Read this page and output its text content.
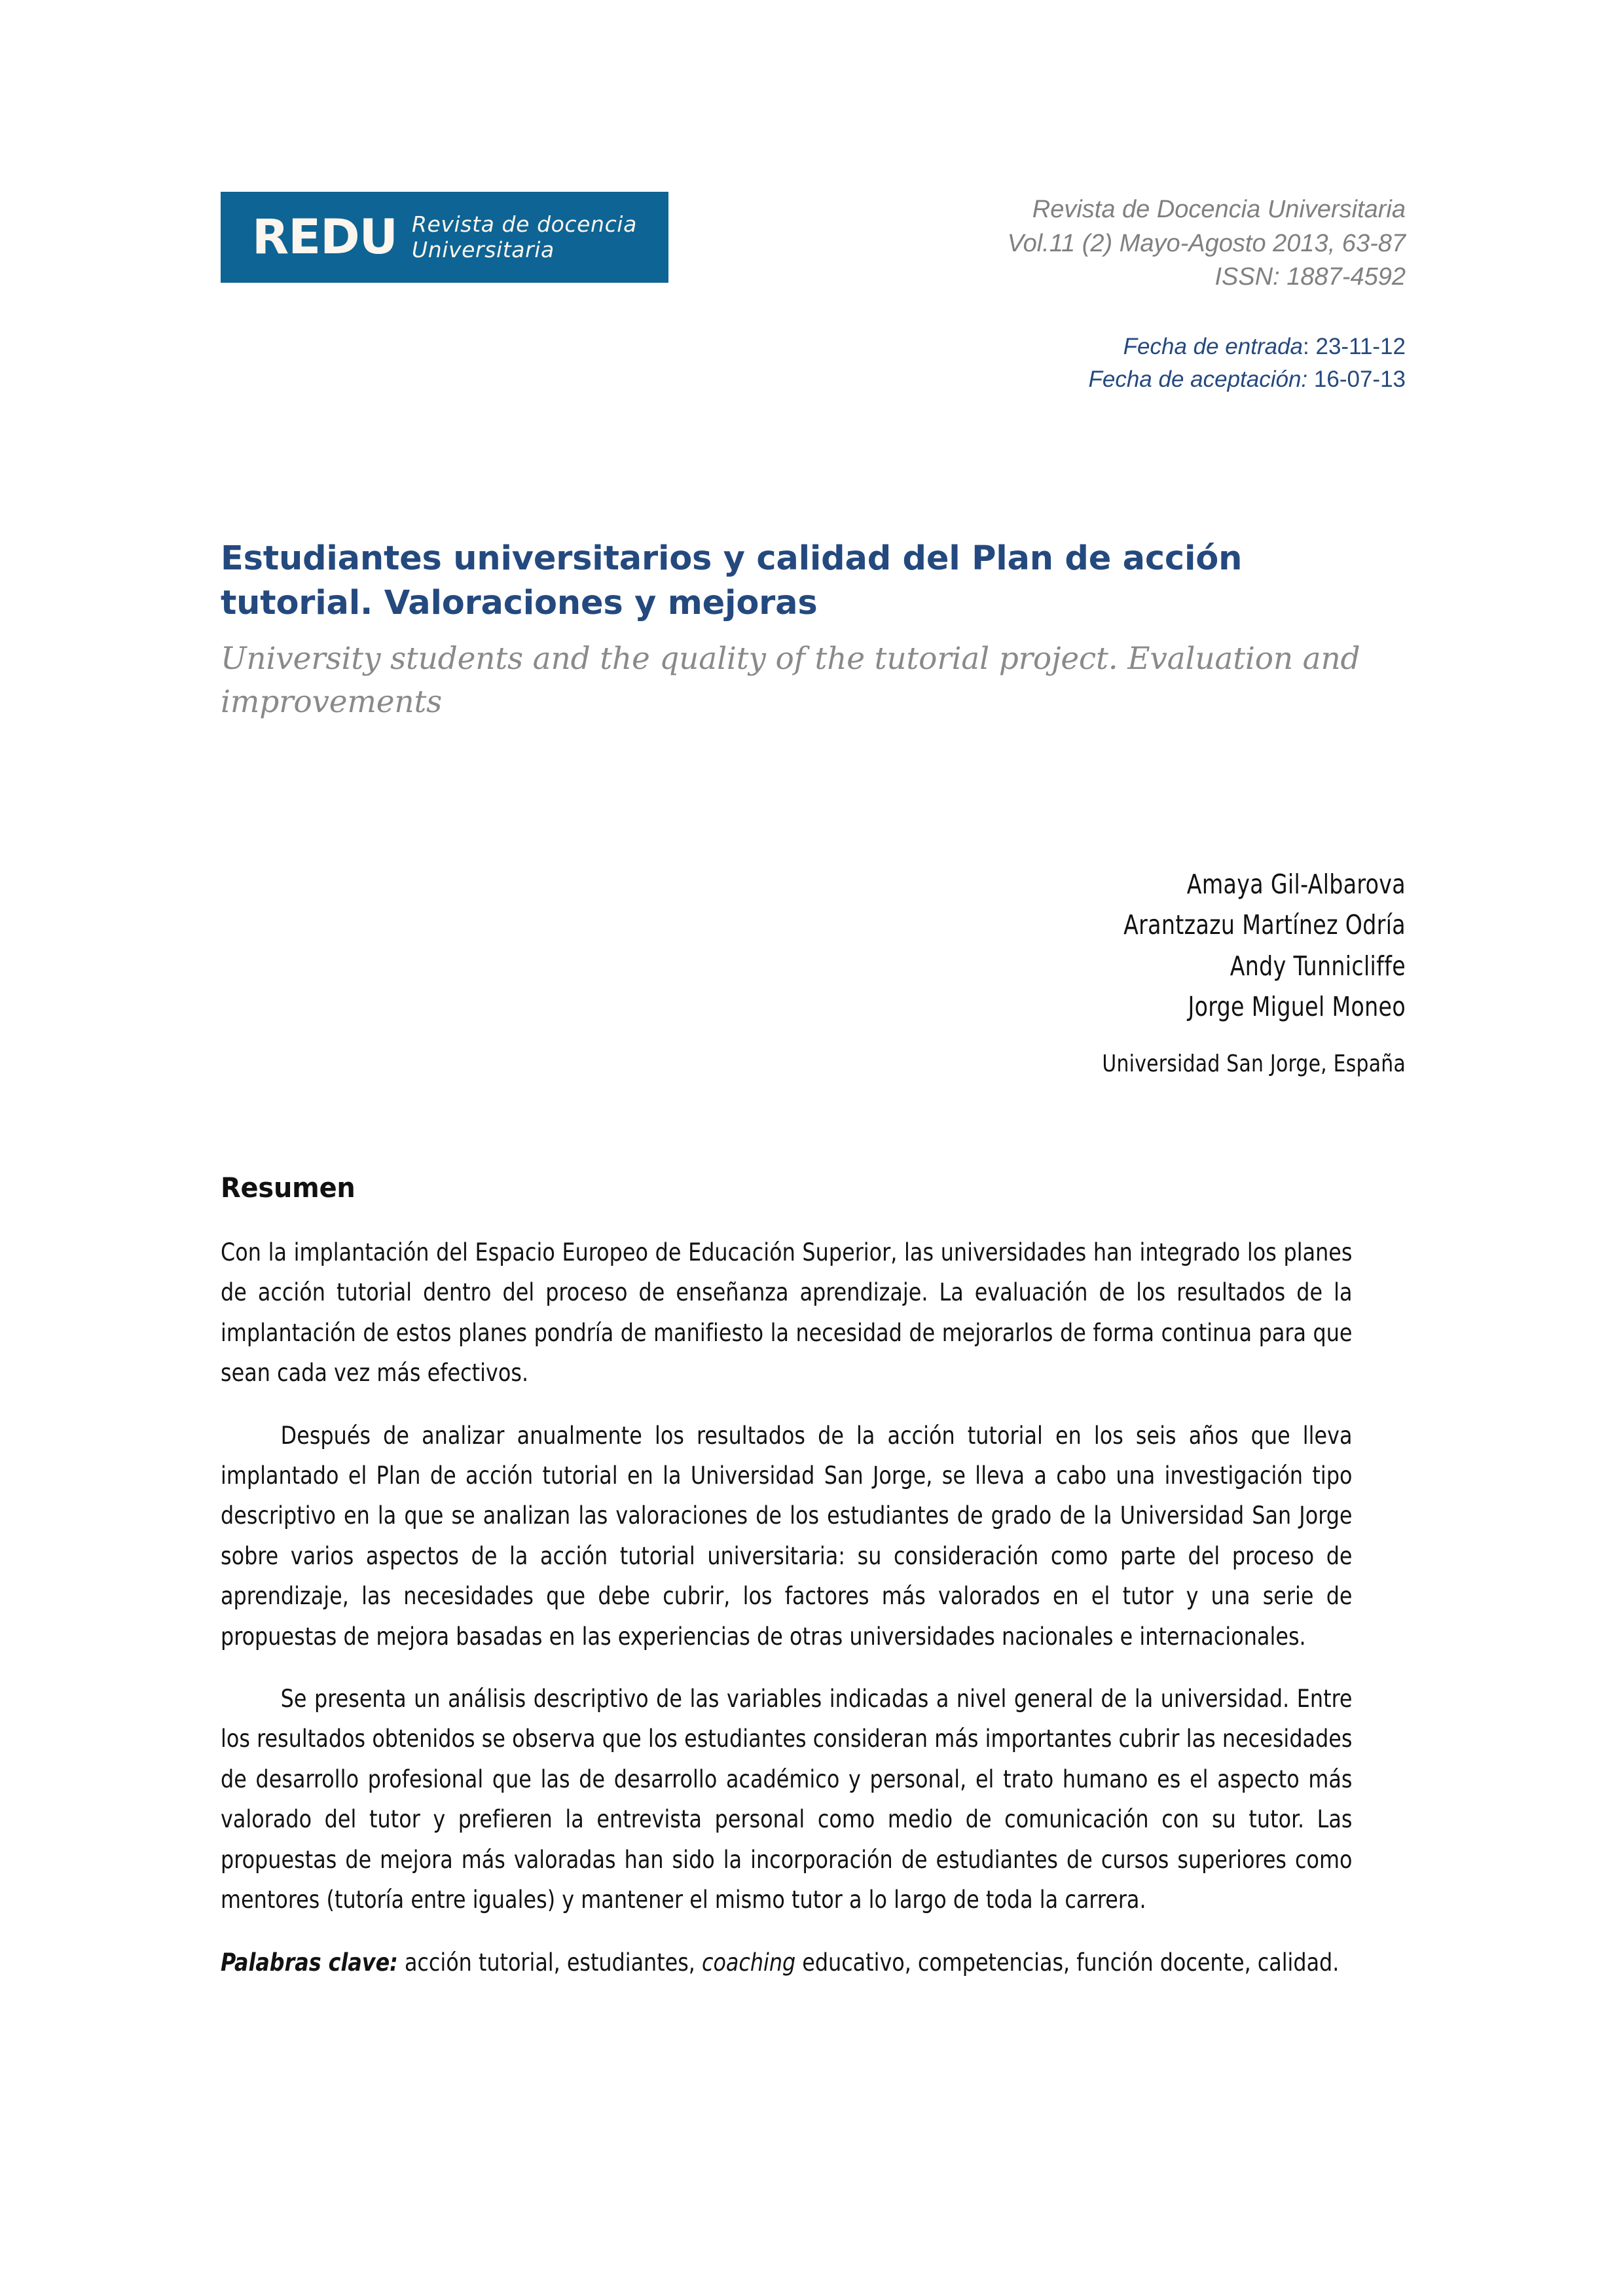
REDU Revista de docencia
Universitaria
Revista de Docencia Universitaria
Vol.11 (2) Mayo-Agosto 2013, 63-87
ISSN: 1887-4592
Fecha de entrada: 23-11-12
Fecha de aceptación: 16-07-13
Estudiantes universitarios y calidad del Plan de acción tutorial. Valoraciones y mejoras
University students and the quality of the tutorial project. Evaluation and improvements
Amaya Gil-Albarova
Arantzazu Martínez Odría
Andy Tunnicliffe
Jorge Miguel Moneo
Universidad San Jorge, España
Resumen

Con la implantación del Espacio Europeo de Educación Superior, las universidades han integrado los planes de acción tutorial dentro del proceso de enseñanza aprendizaje. La evaluación de los resultados de la implantación de estos planes pondría de manifiesto la necesidad de mejorarlos de forma continua para que sean cada vez más efectivos.

Después de analizar anualmente los resultados de la acción tutorial en los seis años que lleva implantado el Plan de acción tutorial en la Universidad San Jorge, se lleva a cabo una investigación tipo descriptivo en la que se analizan las valoraciones de los estudiantes de grado de la Universidad San Jorge sobre varios aspectos de la acción tutorial universitaria: su consideración como parte del proceso de aprendizaje, las necesidades que debe cubrir, los factores más valorados en el tutor y una serie de propuestas de mejora basadas en las experiencias de otras universidades nacionales e internacionales.

Se presenta un análisis descriptivo de las variables indicadas a nivel general de la universidad. Entre los resultados obtenidos se observa que los estudiantes consideran más importantes cubrir las necesidades de desarrollo profesional que las de desarrollo académico y personal, el trato humano es el aspecto más valorado del tutor y prefieren la entrevista personal como medio de comunicación con su tutor. Las propuestas de mejora más valoradas han sido la incorporación de estudiantes de cursos superiores como mentores (tutoría entre iguales) y mantener el mismo tutor a lo largo de toda la carrera.

Palabras clave: acción tutorial, estudiantes, coaching educativo, competencias, función docente, calidad.
